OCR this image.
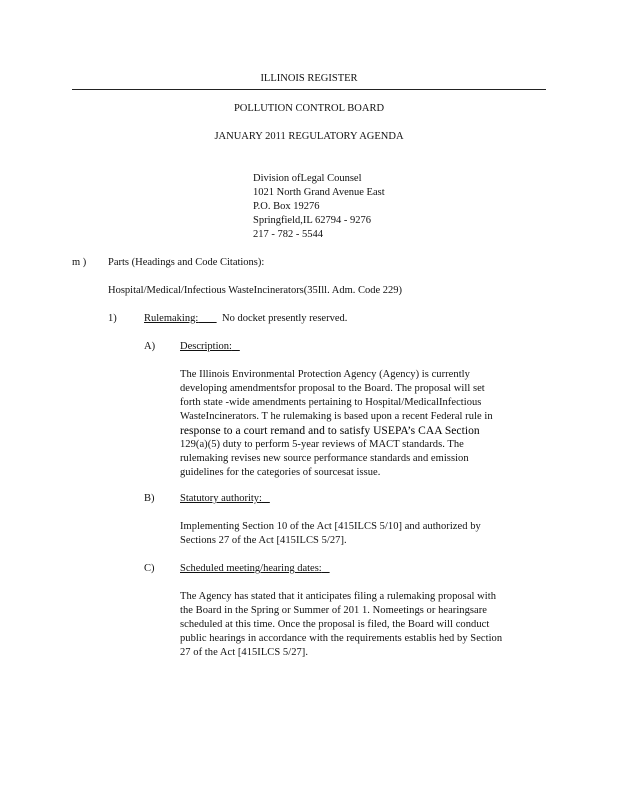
ILLINOIS REGISTER
POLLUTION CONTROL BOARD
JANUARY 2011 REGULATORY AGENDA
Division ofLegal Counsel
1021 North Grand Avenue East
P.O. Box 19276
Springfield,IL 62794 - 9276
217 - 782 - 5544
m ) Parts (Headings and Code Citations):
Hospital/Medical/Infectious WasteIncinerators(35Ill. Adm. Code 229)
1)	Rulemaking:	No docket presently reserved.
A) Description:

The Illinois Environmental Protection Agency (Agency) is currently

developing amendmentsfor proposal to the Board. The proposal will set

forth state -wide amendments pertaining to Hospital/MedicalInfectious

WasteIncinerators. T he rulemaking is based upon a recent Federal rule in

response to a court remand and to satisfy USEPA’s CAA Section

129(a)(5) duty to perform 5-year reviews of MACT standards. The

rulemaking revises new source performance standards and emission

guidelines for the categories of sourcesat issue.

B) Statutory authority:

Implementing Section 10 of the Act [415ILCS 5/10] and authorized by

Sections 27 of the Act [415ILCS 5/27].

C) Scheduled meeting/hearing dates:

The Agency has stated that it anticipates filing a rulemaking proposal with

the Board in the Spring or Summer of 201 1. Nomeetings or hearingsare

scheduled at this time. Once the proposal is filed, the Board will conduct

public hearings in accordance with the requirements establis hed by Section

27 of the Act [415ILCS 5/27].
